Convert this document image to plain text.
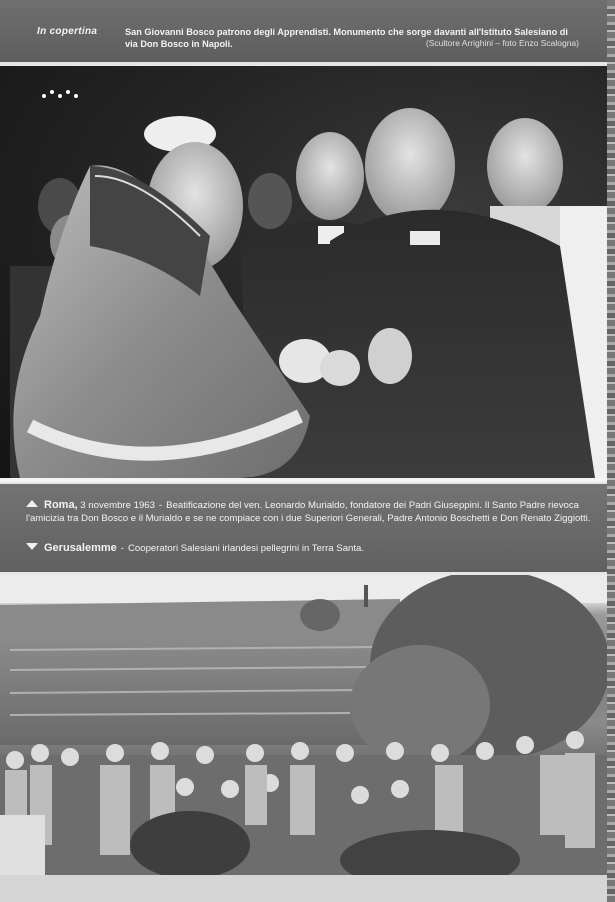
In copertina	San Giovanni Bosco patrono degli Apprendisti. Monumento che sorge davanti all'Istituto Salesiano di via Don Bosco in Napoli.	(Scultore Arrighini – foto Enzo Scalogna)
Roma, 3 novembre 1963 - Beatificazione del ven. Leonardo Murialdo, fondatore dei Padri Giuseppini. Il Santo Padre rievoca l'amicizia tra Don Bosco e il Murialdo e se ne compiace con i due Superiori Generali, Padre Antonio Boschetti e Don Renato Ziggiotti.
Gerusalemme - Cooperatori Salesiani irlandesi pellegrini in Terra Santa.
